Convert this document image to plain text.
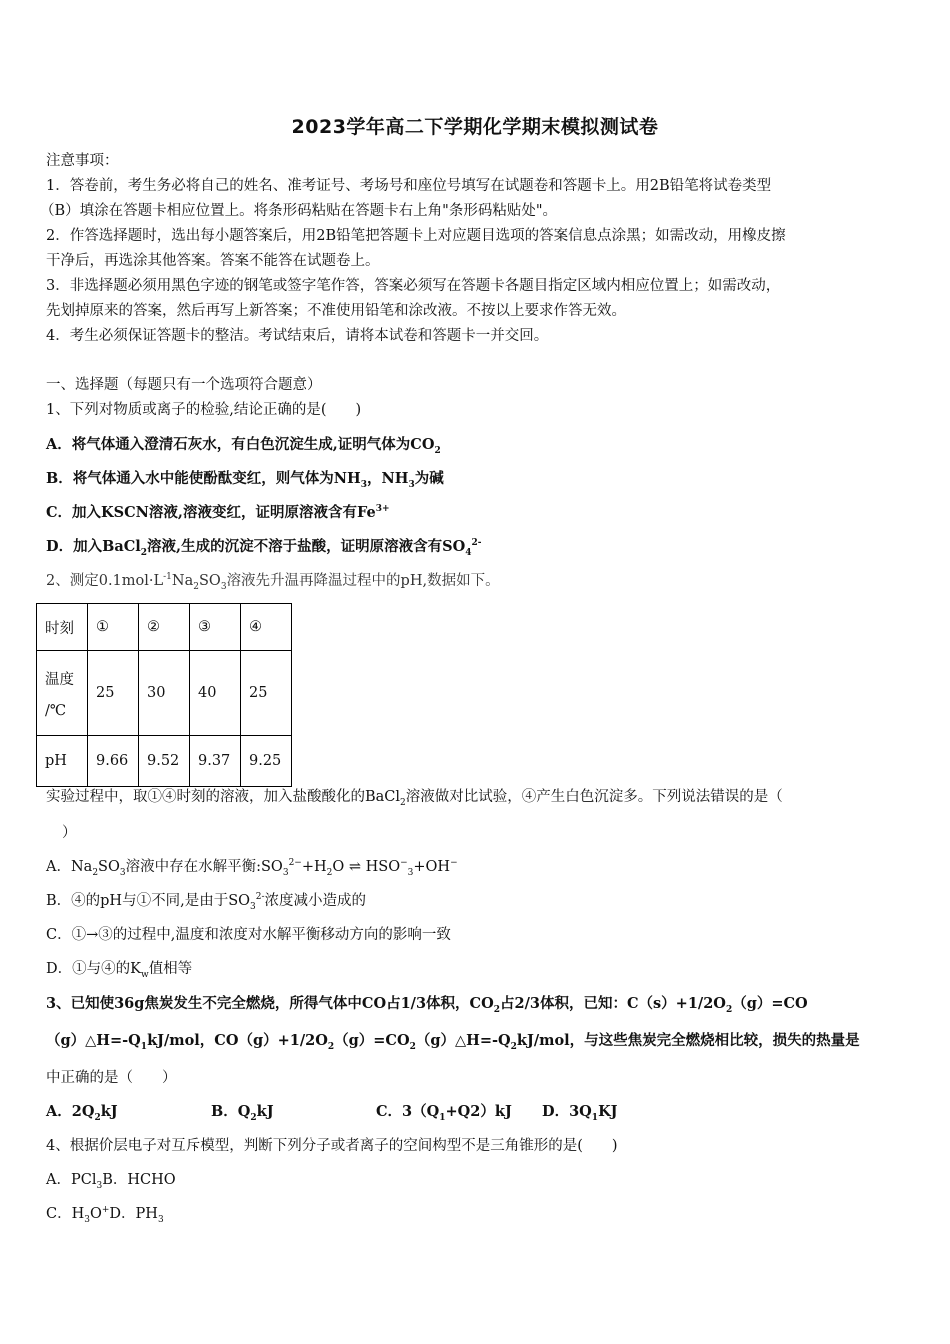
2023学年高二下学期化学期末模拟测试卷
注意事项：
1．答卷前，考生务必将自己的姓名、准考证号、考场号和座位号填写在试题卷和答题卡上。用2B铅笔将试卷类型
（B）填涂在答题卡相应位置上。将条形码粘贴在答题卡右上角"条形码粘贴处"。
2．作答选择题时，选出每小题答案后，用2B铅笔把答题卡上对应题目选项的答案信息点涂黑；如需改动，用橡皮擦
干净后，再选涂其他答案。答案不能答在试题卷上。
3．非选择题必须用黑色字迹的钢笔或签字笔作答，答案必须写在答题卡各题目指定区域内相应位置上；如需改动，
先划掉原来的答案，然后再写上新答案；不准使用铅笔和涂改液。不按以上要求作答无效。
4．考生必须保证答题卡的整洁。考试结束后，请将本试卷和答题卡一并交回。
一、选择题（每题只有一个选项符合题意）
1、下列对物质或离子的检验,结论正确的是(　　)
A．将气体通入澄清石灰水，有白色沉淀生成,证明气体为$CO_2$
B．将气体通入水中能使酚酞变红，则气体为$NH_3$，$NH_3$为碱
C．加入KSCN溶液,溶液变红，证明原溶液含有$Fe^{3+}$
D．加入BaCl$_2$溶液,生成的沉淀不溶于盐酸，证明原溶液含有$SO_4^{2-}$
2、测定$0.1mol\cdot L^{-1}Na_2SO_3$溶液先升温再降温过程中的pH,数据如下。
时刻	①	②	③	④

温度
/℃	25	30	40	25
pH	9.66	9.52	9.37	9.25
实验过程中，取①④时刻的溶液，加入盐酸酸化的BaCl$_2$溶液做对比试验，④产生白色沉淀多。下列说法错误的是（
）
A．$Na_2SO_3$溶液中存在水解平衡$:SO_3^{2-}+H_2O$ ⇌ $HSO^-_3+OH^-$
B．④的pH与①不同,是由于$SO_3^{2-}$浓度减小造成的
C．①→③的过程中,温度和浓度对水解平衡移动方向的影响一致
D．①与④的$K_w$值相等
3、已知使36g焦炭发生不完全燃烧，所得气体中CO占1/3体积，$CO_2$占2/3体积，已知：$C(s)+1/2O_2(g)=CO$
$(g)\triangle H=-Q_1kJ$/mol，$CO(g)+1/2O_2(g)=CO_2(g)\triangle H=-Q_2kJ$/mol，与这些焦炭完全燃烧相比较，损失的热量是
中正确的是（　　）
A．$2Q_2kJ$	B．$Q_2kJ$	C．$3(Q_1+Q2)kJ$ D．$3Q_1KJ$
4、根据价层电子对互斥模型，判断下列分子或者离子的空间构型不是三角锥形的是(　　)
A．PCl$_3$B．HCHO
C．$H_3O^+D$．$PH_3$
